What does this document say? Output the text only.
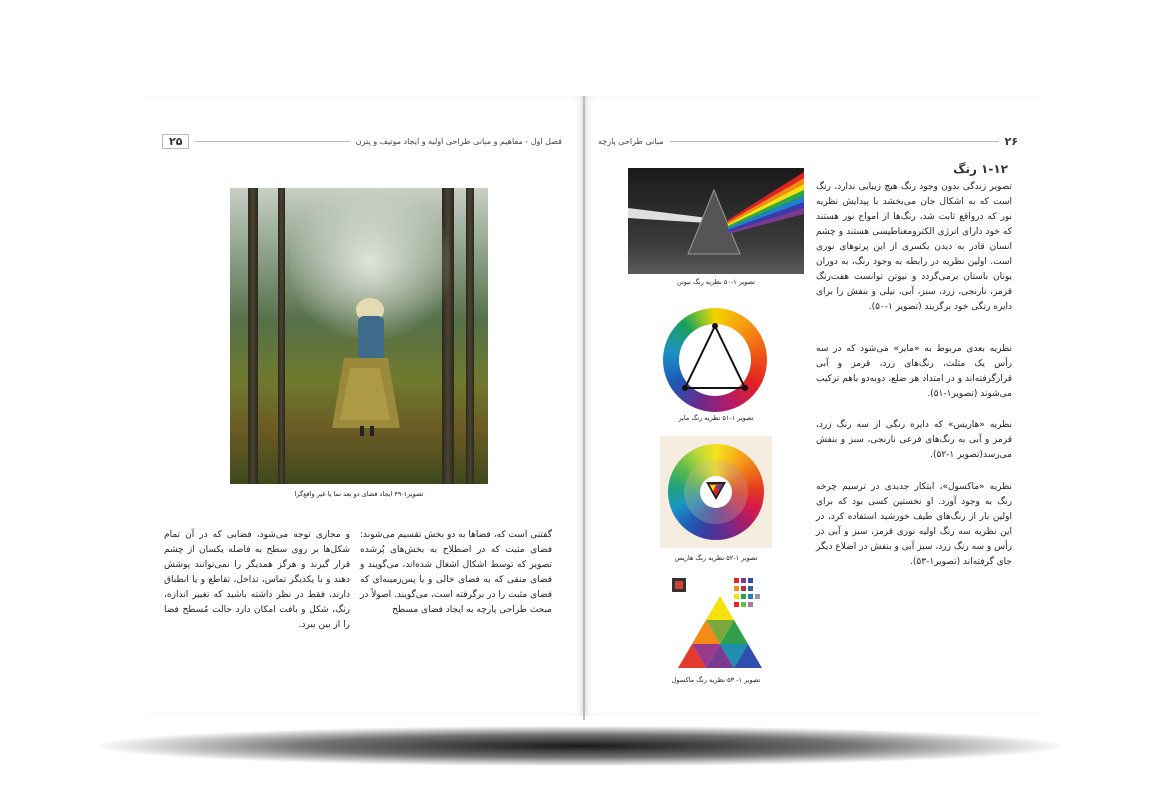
۲۵	فصل اول - مفاهیم و مبانی طراحی اولیه و ایجاد موتیف و پترن
تصویر۱-۴۹ ایجاد فضای دو بعد نما یا غیر واقع‌گرا
گفتنی است که، فضاها به دو بخش تقسیم می‌شوند: فضای مثبت که در اصطلاح به بخش‌های پُرشده تصویر که توسط اشکال اشغال شده‌اند، می‌گویند و فضای منفی که به فضای خالی و یا پس‌زمینه‌ای که فضای مثبت را در برگرفته است، می‌گویند. اصولاً در مبحث طراحی پارچه به ایجاد فضای مسطح
و مجازی توجه می‌شود، فضایی که در آن تمام شکل‌ها بر روی سطح به فاصله یکسان از چشم قرار گیرند و هرگز همدیگر را نمی‌توانند پوشش دهند و با یکدیگر تماس، تداخل، تقاطع و یا انطباق دارند، فقط در نظر داشته باشید که تغییر اندازه، رنگ، شکل و بافت امکان دارد حالت مُسطح فضا را از بین ببرد.
مبانی طراحی پارچه	۲۶
۱-۱۲ رنگ
تصویر زندگی بدون وجود رنگ هیچ زیبایی ندارد، رنگ است که به اشکال جان می‌بخشد با پیدایش نظریه نور که درواقع ثابت شد، رنگ‌ها از امواج نور هستند که خود دارای انرژی الکترومغناطیسی هستند و چشم انسان قادر به دیدن یکسری از این پرتوهای نوری است. اولین نظریه در رابطه به وجود رنگ، به دوران یونان باستان برمی‌گردد و نیوتن توانست هفت‌رنگ قرمز، نارنجی، زرد، سبز، آبی، نیلی و بنفش را برای دایره رنگی خود برگزیند (تصویر ۱-۵۰).
نظریه بعدی مربوط به «مایر» می‌شود که در سه رأس یک مثلث، رنگ‌های زرد، قرمز و آبی قرارگرفته‌اند و در امتداد هر ضلع، دوبه‌دو باهم ترکیب می‌شوند (تصویر۱-۵۱).
نظریه «هاریس» که دایره رنگی از سه رنگ زرد، قرمز و آبی به رنگ‌های فرعی نارنجی، سبز و بنفش می‌رسد(تصویر ۱-۵۲).
نظریه «ماکسول»، ابتکار جدیدی در ترسیم چرخه رنگ به وجود آورد. او نخستین کسی بود که برای اولین بار از رنگ‌های طیف خورشید استفاده کرد، در این نظریه سه رنگ اولیه نوری قرمز، سبز و آبی در رأس و سه رنگ زرد، سبز آبی و بنفش در اضلاع دیگر جای گرفته‌اند (تصویر۱-۵۳).
تصویر ۱-۵۰ نظریه رنگ نیوتن
تصویر ۱-۵۱ نظریه رنگ مایر
تصویر ۱-۵۲ نظریه رنگ هاریس
تصویر ۱- ۵۳ نظریه رنگ ماکسول
